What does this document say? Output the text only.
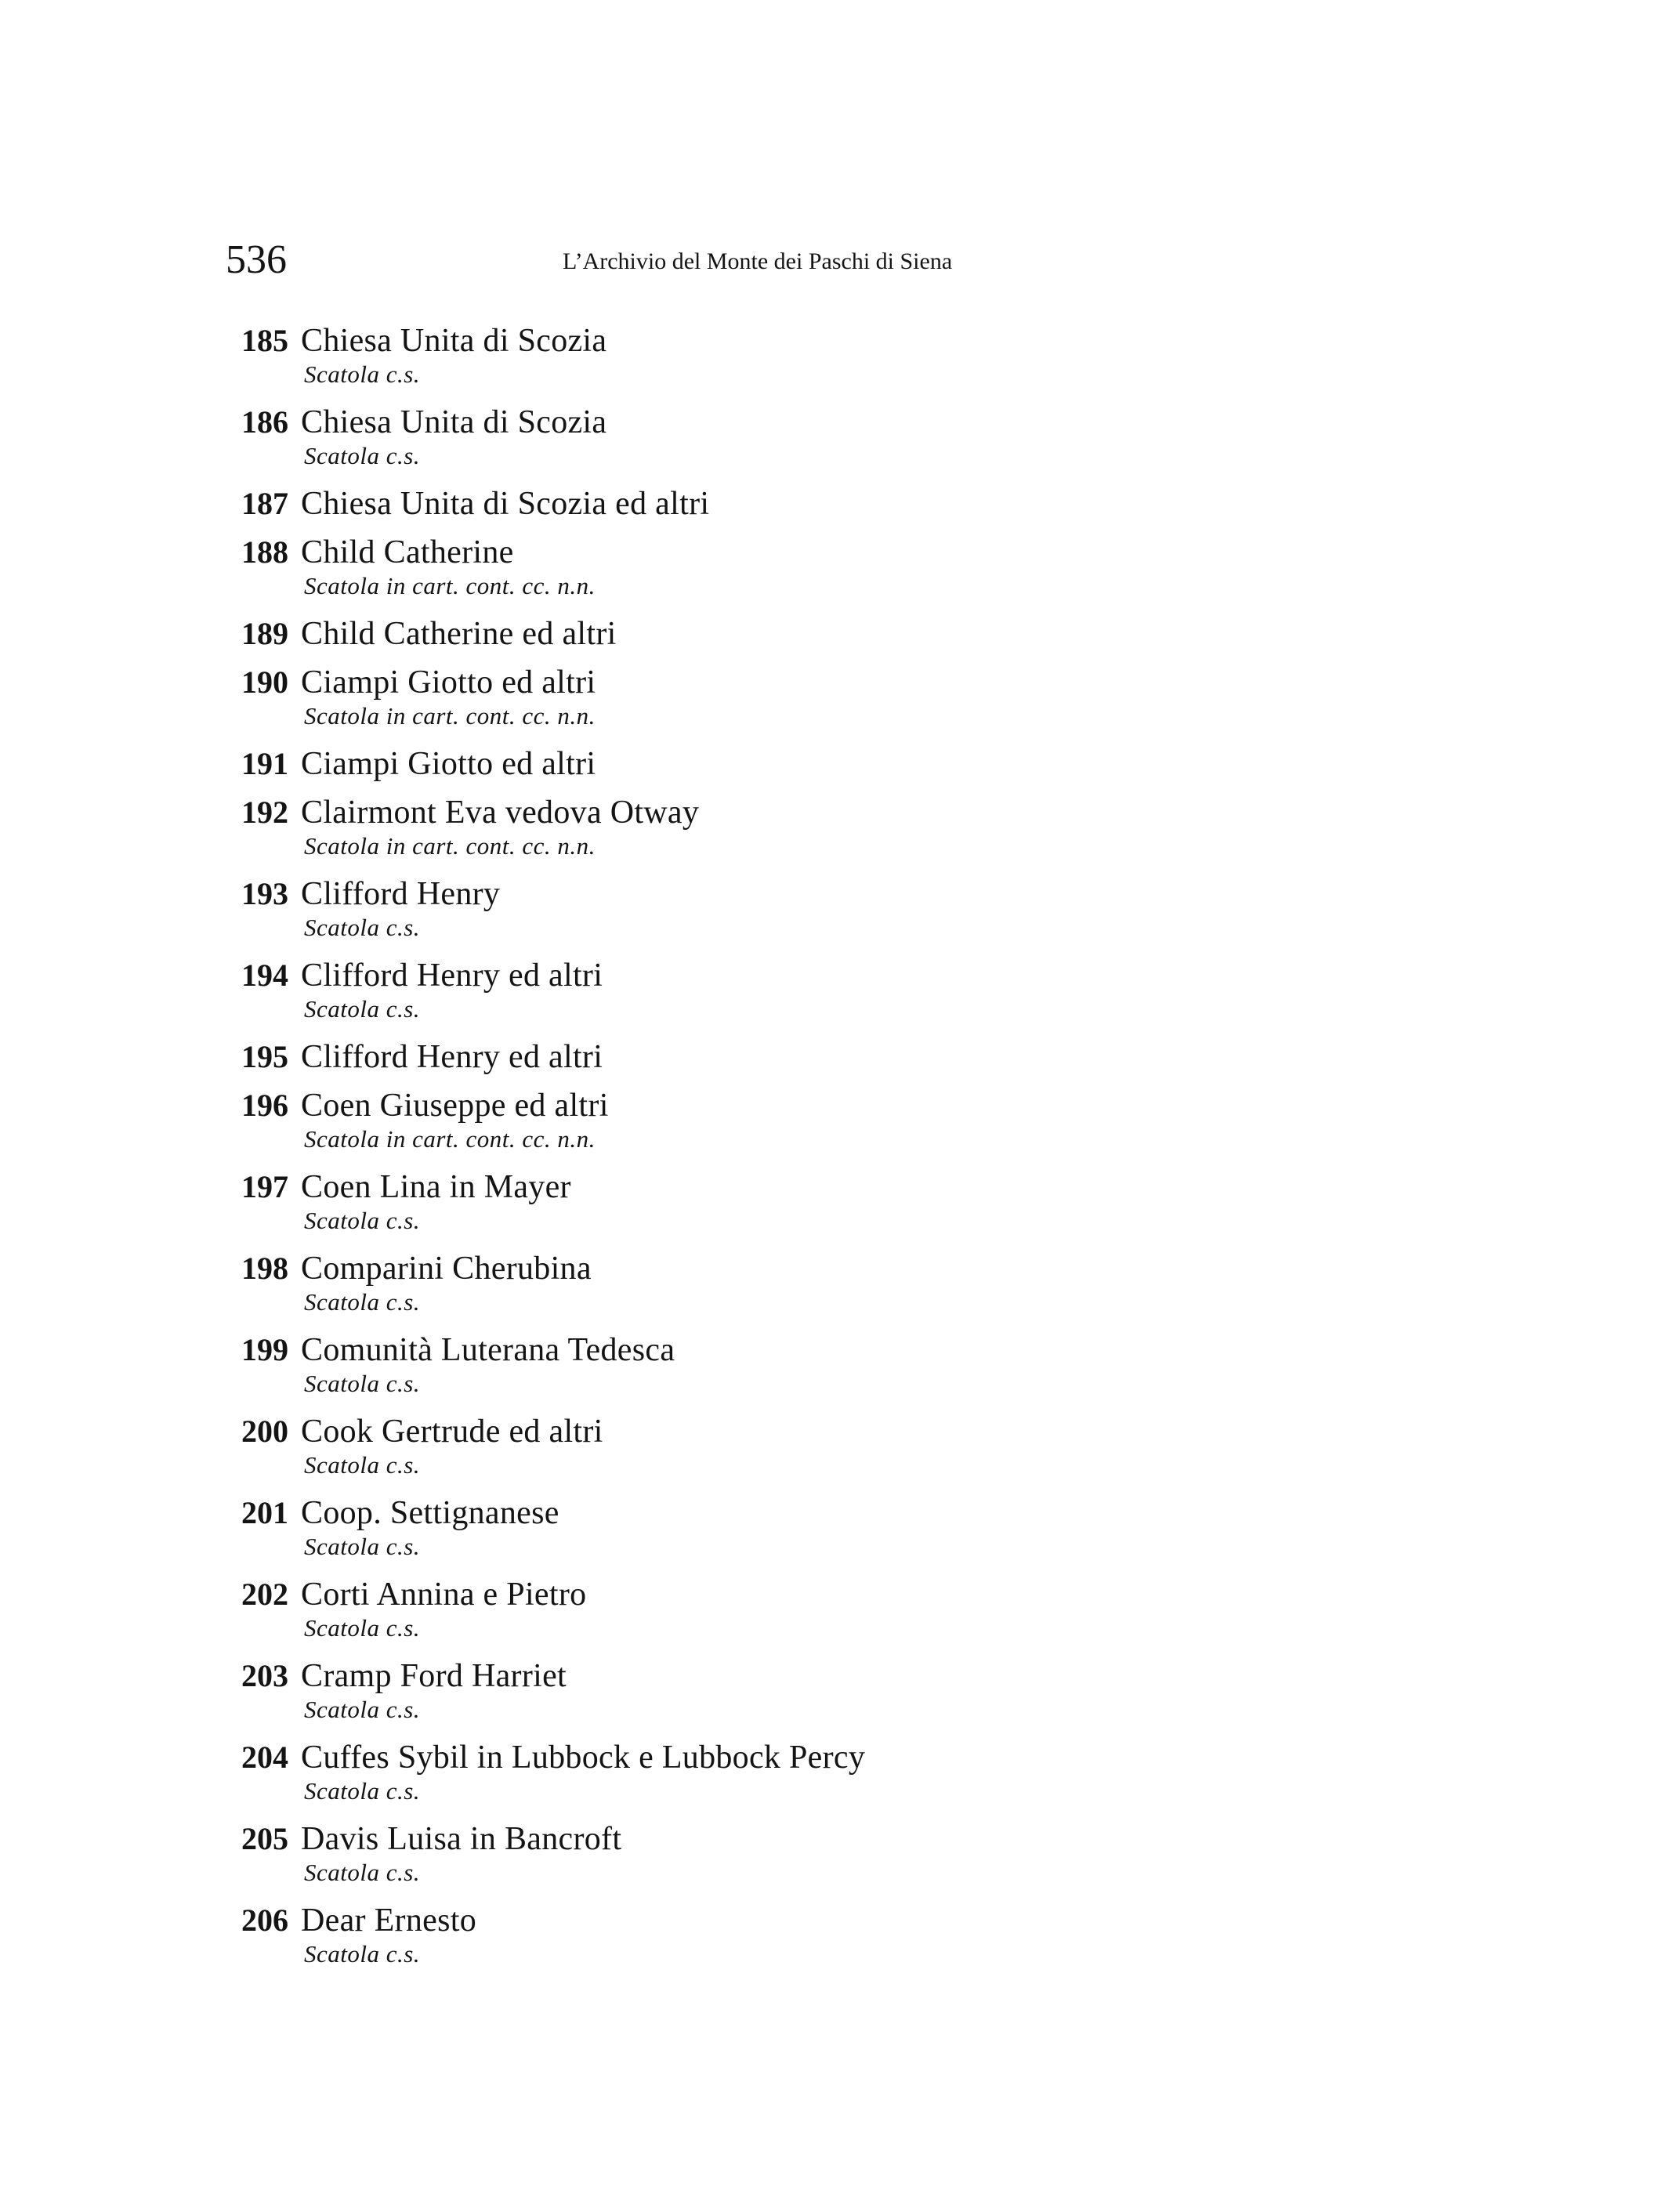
536	L’Archivio del Monte dei Paschi di Siena
185 Chiesa Unita di Scozia
Scatola c.s.
186 Chiesa Unita di Scozia
Scatola c.s.
187 Chiesa Unita di Scozia ed altri
188 Child Catherine
Scatola in cart. cont. cc. n.n.
189 Child Catherine ed altri
190 Ciampi Giotto ed altri
Scatola in cart. cont. cc. n.n.
191 Ciampi Giotto ed altri
192 Clairmont Eva vedova Otway
Scatola in cart. cont. cc. n.n.
193 Clifford Henry
Scatola c.s.
194 Clifford Henry ed altri
Scatola c.s.
195 Clifford Henry ed altri
196 Coen Giuseppe ed altri
Scatola in cart. cont. cc. n.n.
197 Coen Lina in Mayer
Scatola c.s.
198 Comparini Cherubina
Scatola c.s.
199 Comunità Luterana Tedesca
Scatola c.s.
200 Cook Gertrude ed altri
Scatola c.s.
201 Coop. Settignanese
Scatola c.s.
202 Corti Annina e Pietro
Scatola c.s.
203 Cramp Ford Harriet
Scatola c.s.
204 Cuffes Sybil in Lubbock e Lubbock Percy
Scatola c.s.
205 Davis Luisa in Bancroft
Scatola c.s.
206 Dear Ernesto
Scatola c.s.
